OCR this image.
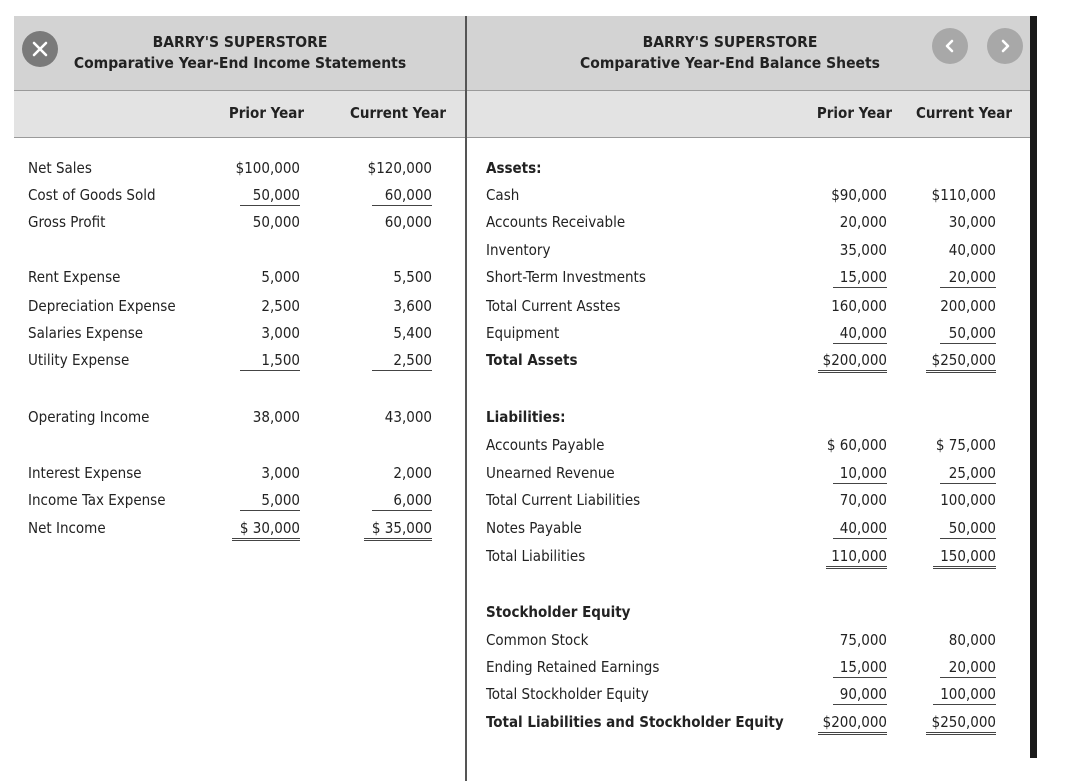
BARRY'S SUPERSTORE
Comparative Year-End Income Statements
BARRY'S SUPERSTORE
Comparative Year-End Balance Sheets
Prior Year	Current Year	Prior Year	Current Year
Net Sales	$100,000	$120,000
Cost of Goods Sold	50,000	60,000
Gross Profit	50,000	60,000
Rent Expense	5,000	5,500
Depreciation Expense	2,500	3,600
Salaries Expense	3,000	5,400
Utility Expense	1,500	2,500
Operating Income	38,000	43,000
Interest Expense	3,000	2,000
Income Tax Expense	5,000	6,000
Net Income	$ 30,000	$ 35,000
Assets:
Cash	$90,000	$110,000
Accounts Receivable	20,000	30,000
Inventory	35,000	40,000
Short-Term Investments	15,000	20,000
Total Current Asstes	160,000	200,000
Equipment	40,000	50,000
Total Assets	$200,000	$250,000
Liabilities:
Accounts Payable	$ 60,000	$ 75,000
Unearned Revenue	10,000	25,000
Total Current Liabilities	70,000	100,000
Notes Payable	40,000	50,000
Total Liabilities	110,000	150,000
Stockholder Equity
Common Stock	75,000	80,000
Ending Retained Earnings	15,000	20,000
Total Stockholder Equity	90,000	100,000
Total Liabilities and Stockholder Equity	$200,000	$250,000
